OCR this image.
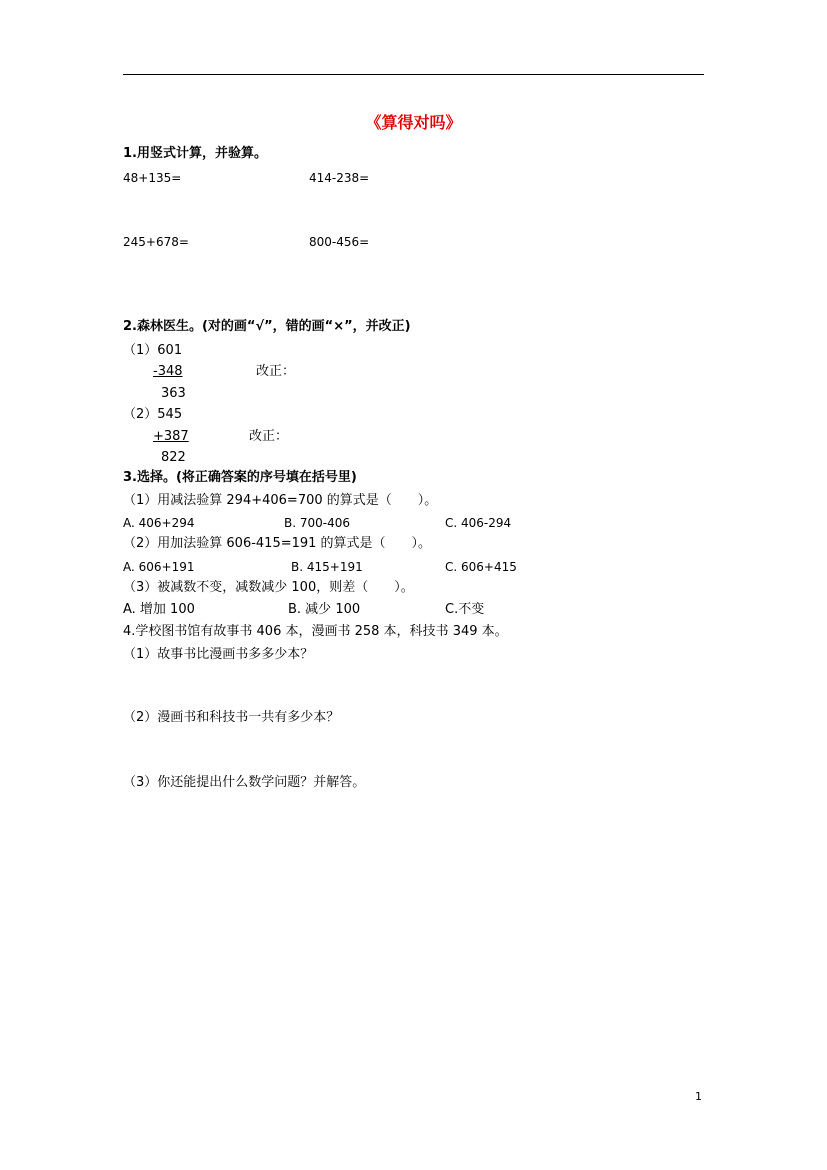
《算得对吗》
1.用竖式计算，并验算。
48+135=	414-238=
245+678=	800-456=
2.森林医生。(对的画“√”，错的画“×”，并改正)
（1）601
-348	改正：
363
（2）545
+387	改正：
822
3.选择。(将正确答案的序号填在括号里)
（1）用减法验算 294+406=700 的算式是（　　）。
A. 406+294	B. 700-406	C. 406-294
（2）用加法验算 606-415=191 的算式是（　　）。
A. 606+191	B. 415+191	C. 606+415
（3）被减数不变，减数减少 100，则差（　　）。
A. 增加 100	B. 减少 100	C.不变
4.学校图书馆有故事书 406 本，漫画书 258 本，科技书 349 本。
（1）故事书比漫画书多多少本？
（2）漫画书和科技书一共有多少本？
（3）你还能提出什么数学问题？并解答。
1
